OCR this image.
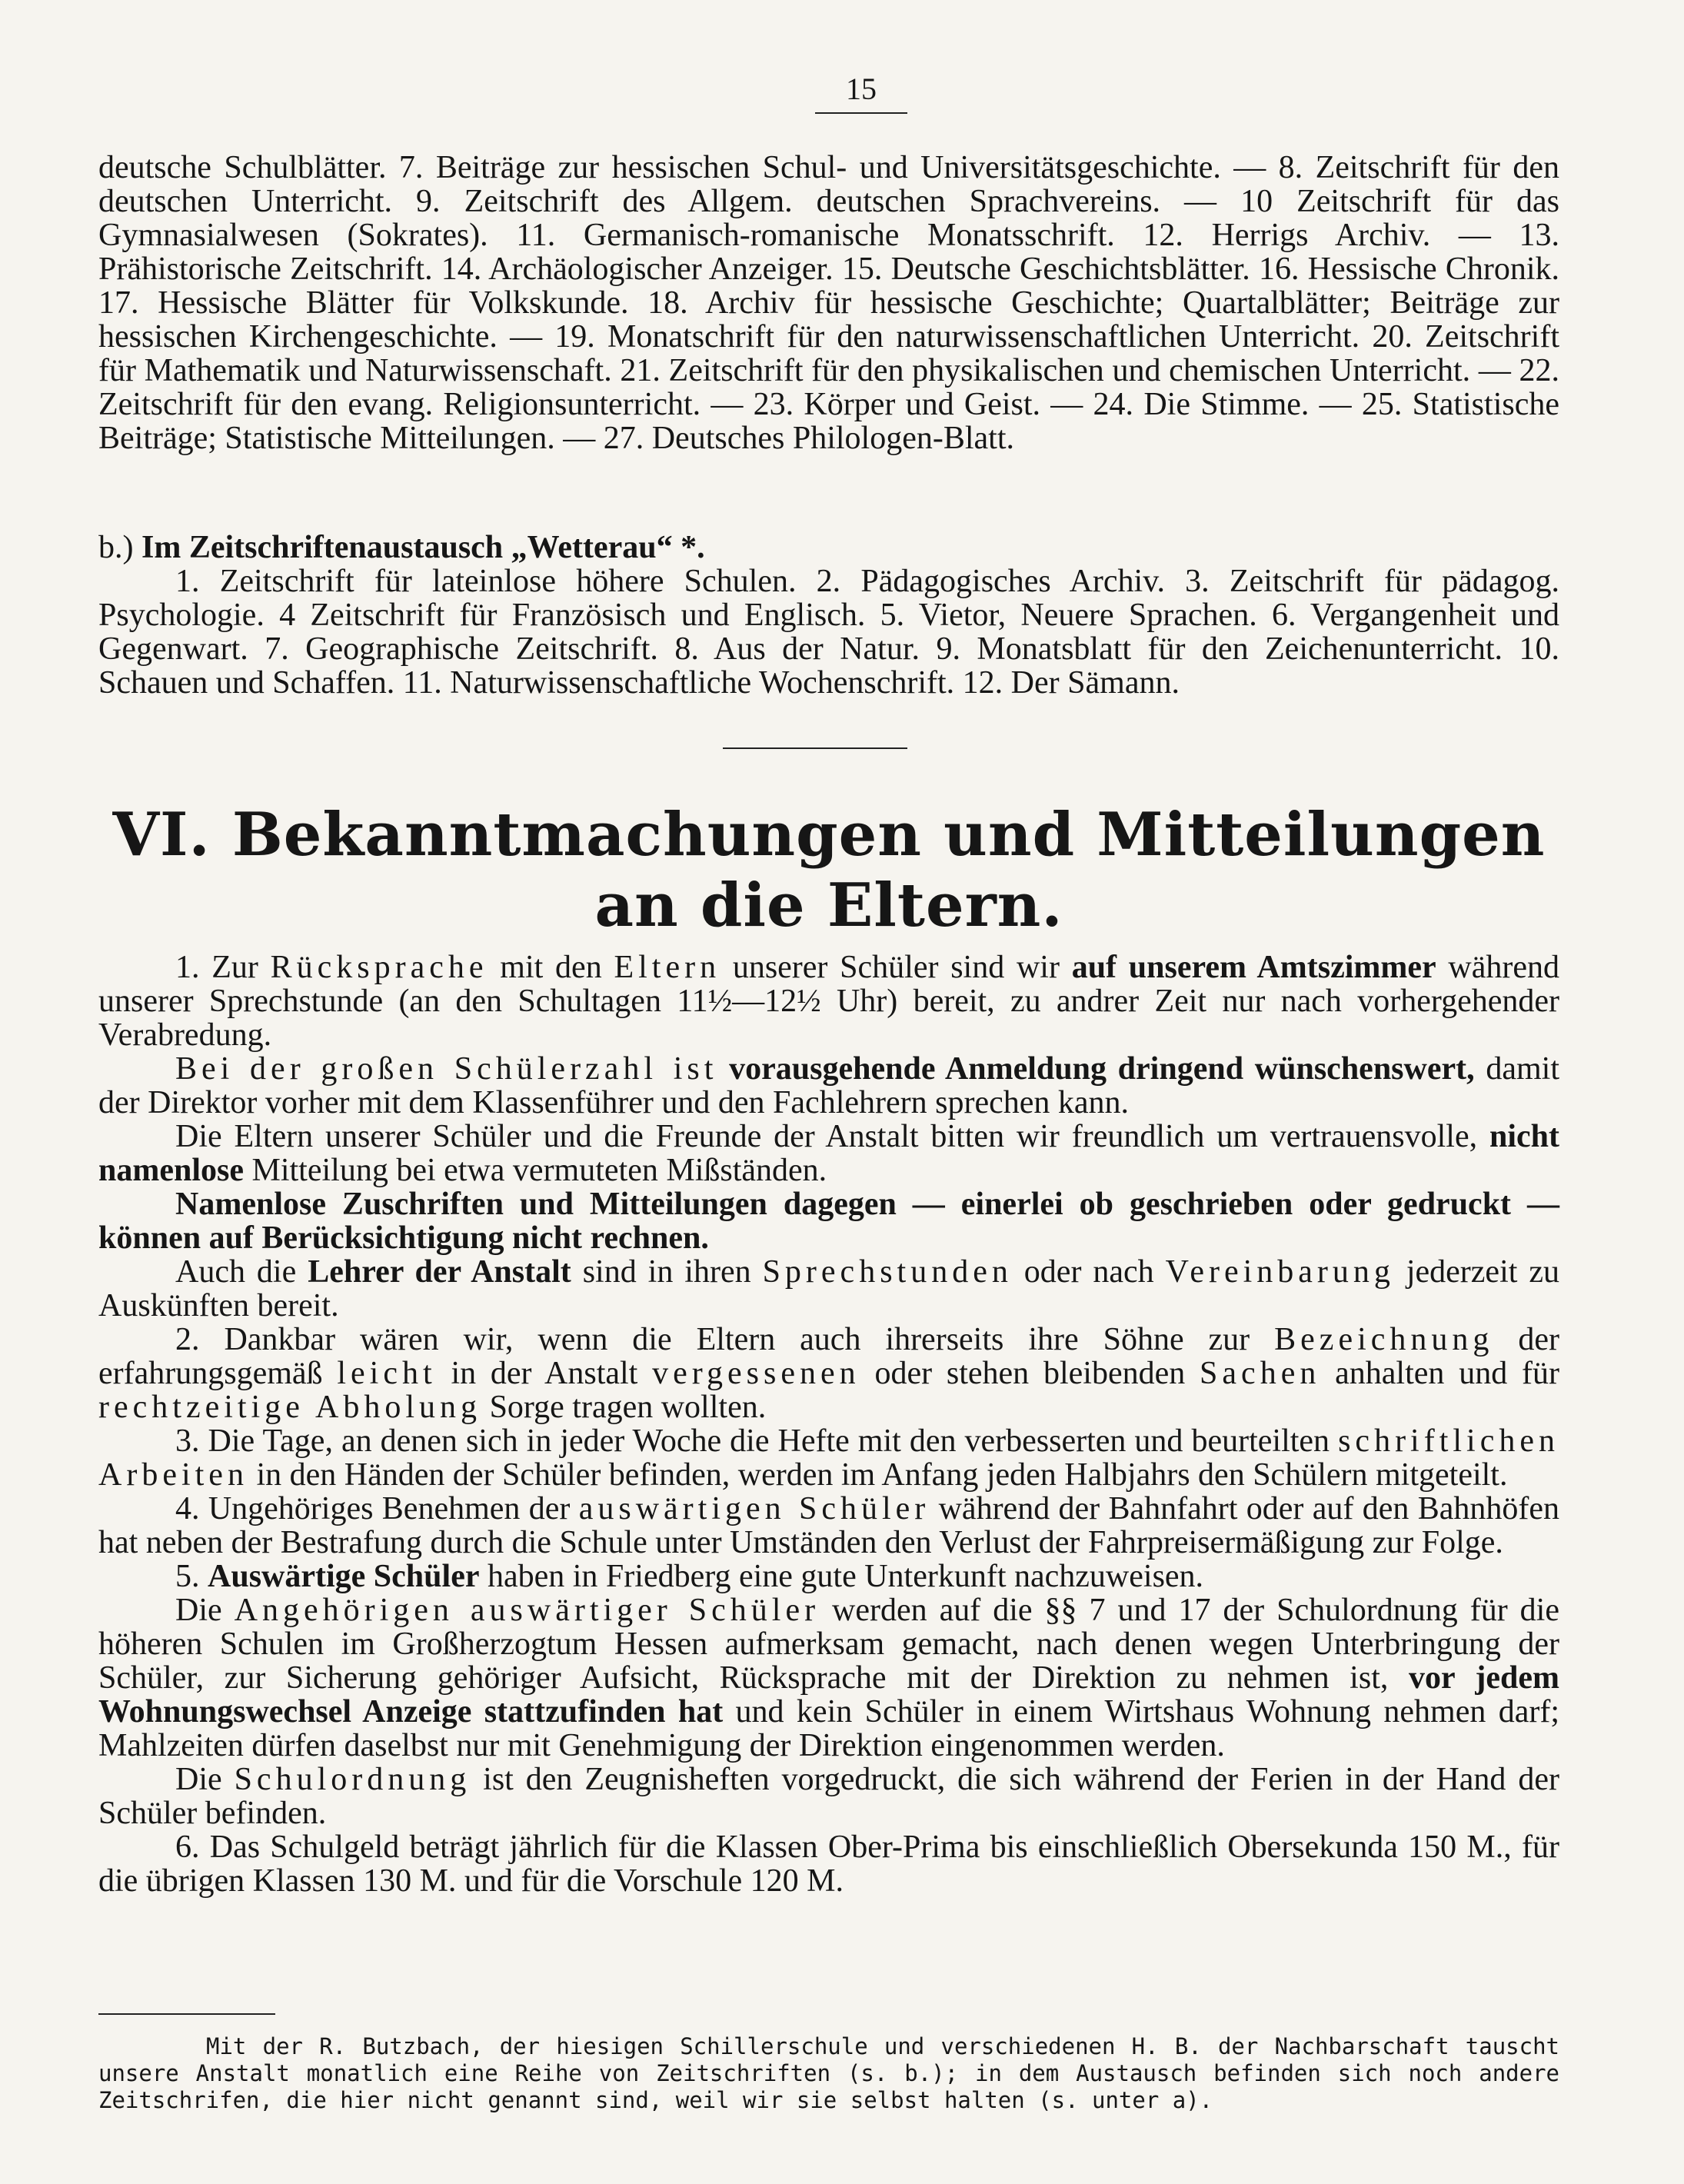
15

deutsche Schulblätter. 7. Beiträge zur hessischen Schul- und Universitätsgeschichte. — 8. Zeitschrift für den deutschen Unterricht. 9. Zeitschrift des Allgem. deutschen Sprachvereins. — 10 Zeitschrift für das Gymnasialwesen (Sokrates). 11. Germanisch-romanische Monatsschrift. 12. Herrigs Archiv. — 13. Prähistorische Zeitschrift. 14. Archäologischer Anzeiger. 15. Deutsche Geschichtsblätter. 16. Hessische Chronik. 17. Hessische Blätter für Volkskunde. 18. Archiv für hessische Geschichte; Quartalblätter; Beiträge zur hessischen Kirchengeschichte. — 19. Monatschrift für den naturwissenschaftlichen Unterricht. 20. Zeitschrift für Mathematik und Naturwissenschaft. 21. Zeitschrift für den physikalischen und chemischen Unterricht. — 22. Zeitschrift für den evang. Religionsunterricht. — 23. Körper und Geist. — 24. Die Stimme. — 25. Statistische Beiträge; Statistische Mitteilungen. — 27. Deutsches Philologen-Blatt.

b.) Im Zeitschriftenaustausch „Wetterau“ *.

1. Zeitschrift für lateinlose höhere Schulen. 2. Pädagogisches Archiv. 3. Zeitschrift für pädagog. Psychologie. 4 Zeitschrift für Französisch und Englisch. 5. Vietor, Neuere Sprachen. 6. Vergangenheit und Gegenwart. 7. Geographische Zeitschrift. 8. Aus der Natur. 9. Monatsblatt für den Zeichenunterricht. 10. Schauen und Schaffen. 11. Naturwissenschaftliche Wochenschrift. 12. Der Sämann.

VI. Bekanntmachungen und Mitteilungen
an die Eltern.

1. Zur Rücksprache mit den Eltern unserer Schüler sind wir auf unserem Amtszimmer während unserer Sprechstunde (an den Schultagen 11½—12½ Uhr) bereit, zu andrer Zeit nur nach vorhergehender Verabredung.

Bei der großen Schülerzahl ist vorausgehende Anmeldung dringend wünschenswert, damit der Direktor vorher mit dem Klassenführer und den Fachlehrern sprechen kann.

Die Eltern unserer Schüler und die Freunde der Anstalt bitten wir freundlich um vertrauensvolle, nicht namenlose Mitteilung bei etwa vermuteten Mißständen.

Namenlose Zuschriften und Mitteilungen dagegen — einerlei ob geschrieben oder gedruckt — können auf Berücksichtigung nicht rechnen.

Auch die Lehrer der Anstalt sind in ihren Sprechstunden oder nach Vereinbarung jederzeit zu Auskünften bereit.

2. Dankbar wären wir, wenn die Eltern auch ihrerseits ihre Söhne zur Bezeichnung der erfahrungsgemäß leicht in der Anstalt vergessenen oder stehen bleibenden Sachen anhalten und für rechtzeitige Abholung Sorge tragen wollten.

3. Die Tage, an denen sich in jeder Woche die Hefte mit den verbesserten und beurteilten schriftlichen Arbeiten in den Händen der Schüler befinden, werden im Anfang jeden Halbjahrs den Schülern mitgeteilt.

4. Ungehöriges Benehmen der auswärtigen Schüler während der Bahnfahrt oder auf den Bahnhöfen hat neben der Bestrafung durch die Schule unter Umständen den Verlust der Fahrpreisermäßigung zur Folge.

5. Auswärtige Schüler haben in Friedberg eine gute Unterkunft nachzuweisen.

Die Angehörigen auswärtiger Schüler werden auf die §§ 7 und 17 der Schulordnung für die höheren Schulen im Großherzogtum Hessen aufmerksam gemacht, nach denen wegen Unterbringung der Schüler, zur Sicherung gehöriger Aufsicht, Rücksprache mit der Direktion zu nehmen ist, vor jedem Wohnungswechsel Anzeige stattzufinden hat und kein Schüler in einem Wirtshaus Wohnung nehmen darf; Mahlzeiten dürfen daselbst nur mit Genehmigung der Direktion eingenommen werden.

Die Schulordnung ist den Zeugnisheften vorgedruckt, die sich während der Ferien in der Hand der Schüler befinden.

6. Das Schulgeld beträgt jährlich für die Klassen Ober-Prima bis einschließlich Obersekunda 150 M., für die übrigen Klassen 130 M. und für die Vorschule 120 M.

Mit der R. Butzbach, der hiesigen Schillerschule und verschiedenen H. B. der Nachbarschaft tauscht unsere Anstalt monatlich eine Reihe von Zeitschriften (s. b.); in dem Austausch befinden sich noch andere Zeitschrifen, die hier nicht genannt sind, weil wir sie selbst halten (s. unter a).
